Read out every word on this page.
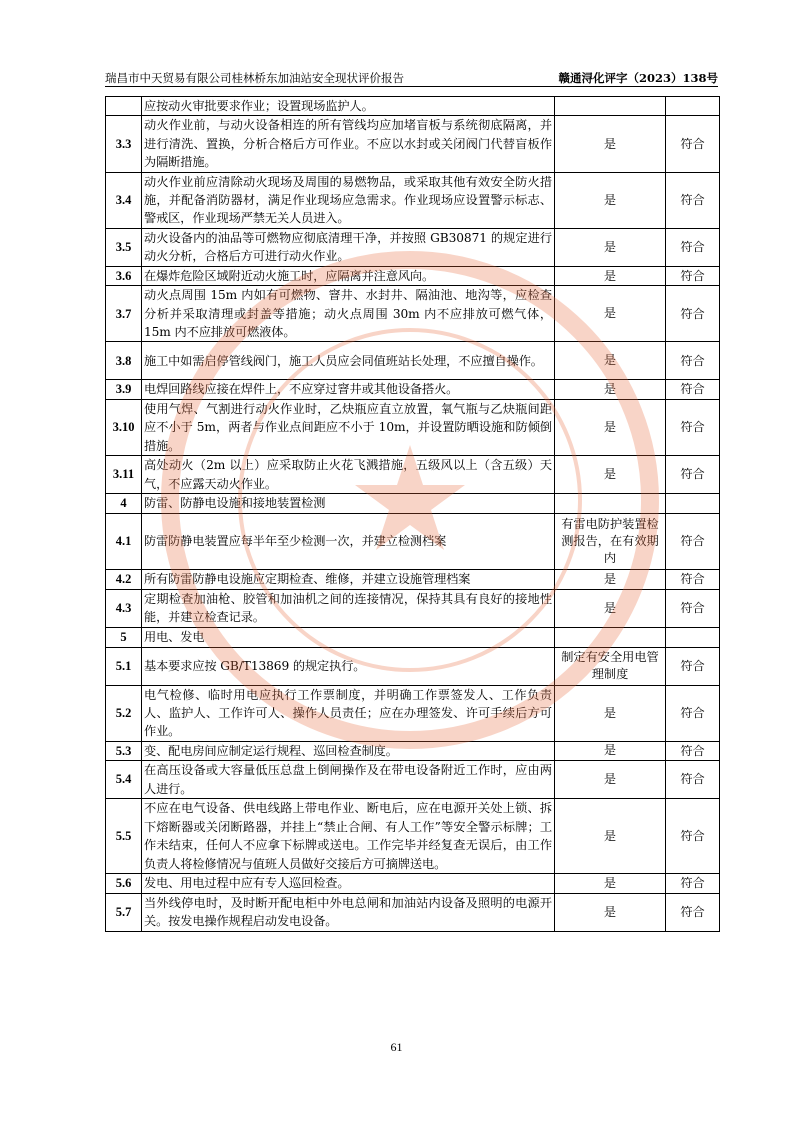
瑞昌市中天贸易有限公司桂林桥东加油站安全现状评价报告	赣通浔化评字（2023）138号
	应按动火审批要求作业；设置现场监护人。		
3.3	动火作业前，与动火设备相连的所有管线均应加堵盲板与系统彻底隔离，并进行清洗、置换，分析合格后方可作业。不应以水封或关闭阀门代替盲板作为隔断措施。	是	符合
3.4	动火作业前应清除动火现场及周围的易燃物品，或采取其他有效安全防火措施，并配备消防器材，满足作业现场应急需求。作业现场应设置警示标志、警戒区，作业现场严禁无关人员进入。	是	符合
3.5	动火设备内的油品等可燃物应彻底清理干净，并按照 GB30871 的规定进行动火分析，合格后方可进行动火作业。	是	符合
3.6	在爆炸危险区域附近动火施工时，应隔离并注意风向。	是	符合
3.7	动火点周围 15m 内如有可燃物、窨井、水封井、隔油池、地沟等，应检查分析并采取清理或封盖等措施；动火点周围 30m 内不应排放可燃气体，15m 内不应排放可燃液体。	是	符合
3.8	施工中如需启停管线阀门，施工人员应会同值班站长处理，不应擅自操作。	是	符合
3.9	电焊回路线应接在焊件上，不应穿过窨井或其他设备搭火。	是	符合
3.10	使用气焊、气割进行动火作业时，乙炔瓶应直立放置，氧气瓶与乙炔瓶间距应不小于 5m，两者与作业点间距应不小于 10m，并设置防晒设施和防倾倒措施。	是	符合
3.11	高处动火（2m 以上）应采取防止火花飞溅措施，五级风以上（含五级）天气，不应露天动火作业。	是	符合
4	防雷、防静电设施和接地装置检测		
4.1	防雷防静电装置应每半年至少检测一次，并建立检测档案	有雷电防护装置检测报告，在有效期内	符合
4.2	所有防雷防静电设施应定期检查、维修，并建立设施管理档案	是	符合
4.3	定期检查加油枪、胶管和加油机之间的连接情况，保持其具有良好的接地性能，并建立检查记录。	是	符合
5	用电、发电		
5.1	基本要求应按 GB/T13869 的规定执行。	制定有安全用电管理制度	符合
5.2	电气检修、临时用电应执行工作票制度，并明确工作票签发人、工作负责人、监护人、工作许可人、操作人员责任；应在办理签发、许可手续后方可作业。	是	符合
5.3	变、配电房间应制定运行规程、巡回检查制度。	是	符合
5.4	在高压设备或大容量低压总盘上倒闸操作及在带电设备附近工作时，应由两人进行。	是	符合
5.5	不应在电气设备、供电线路上带电作业、断电后，应在电源开关处上锁、拆下熔断器或关闭断路器，并挂上“禁止合闸、有人工作”等安全警示标牌；工作未结束，任何人不应拿下标牌或送电。工作完毕并经复查无误后，由工作负责人将检修情况与值班人员做好交接后方可摘牌送电。	是	符合
5.6	发电、用电过程中应有专人巡回检查。	是	符合
5.7	当外线停电时，及时断开配电柜中外电总闸和加油站内设备及照明的电源开关。按发电操作规程启动发电设备。	是	符合
61
